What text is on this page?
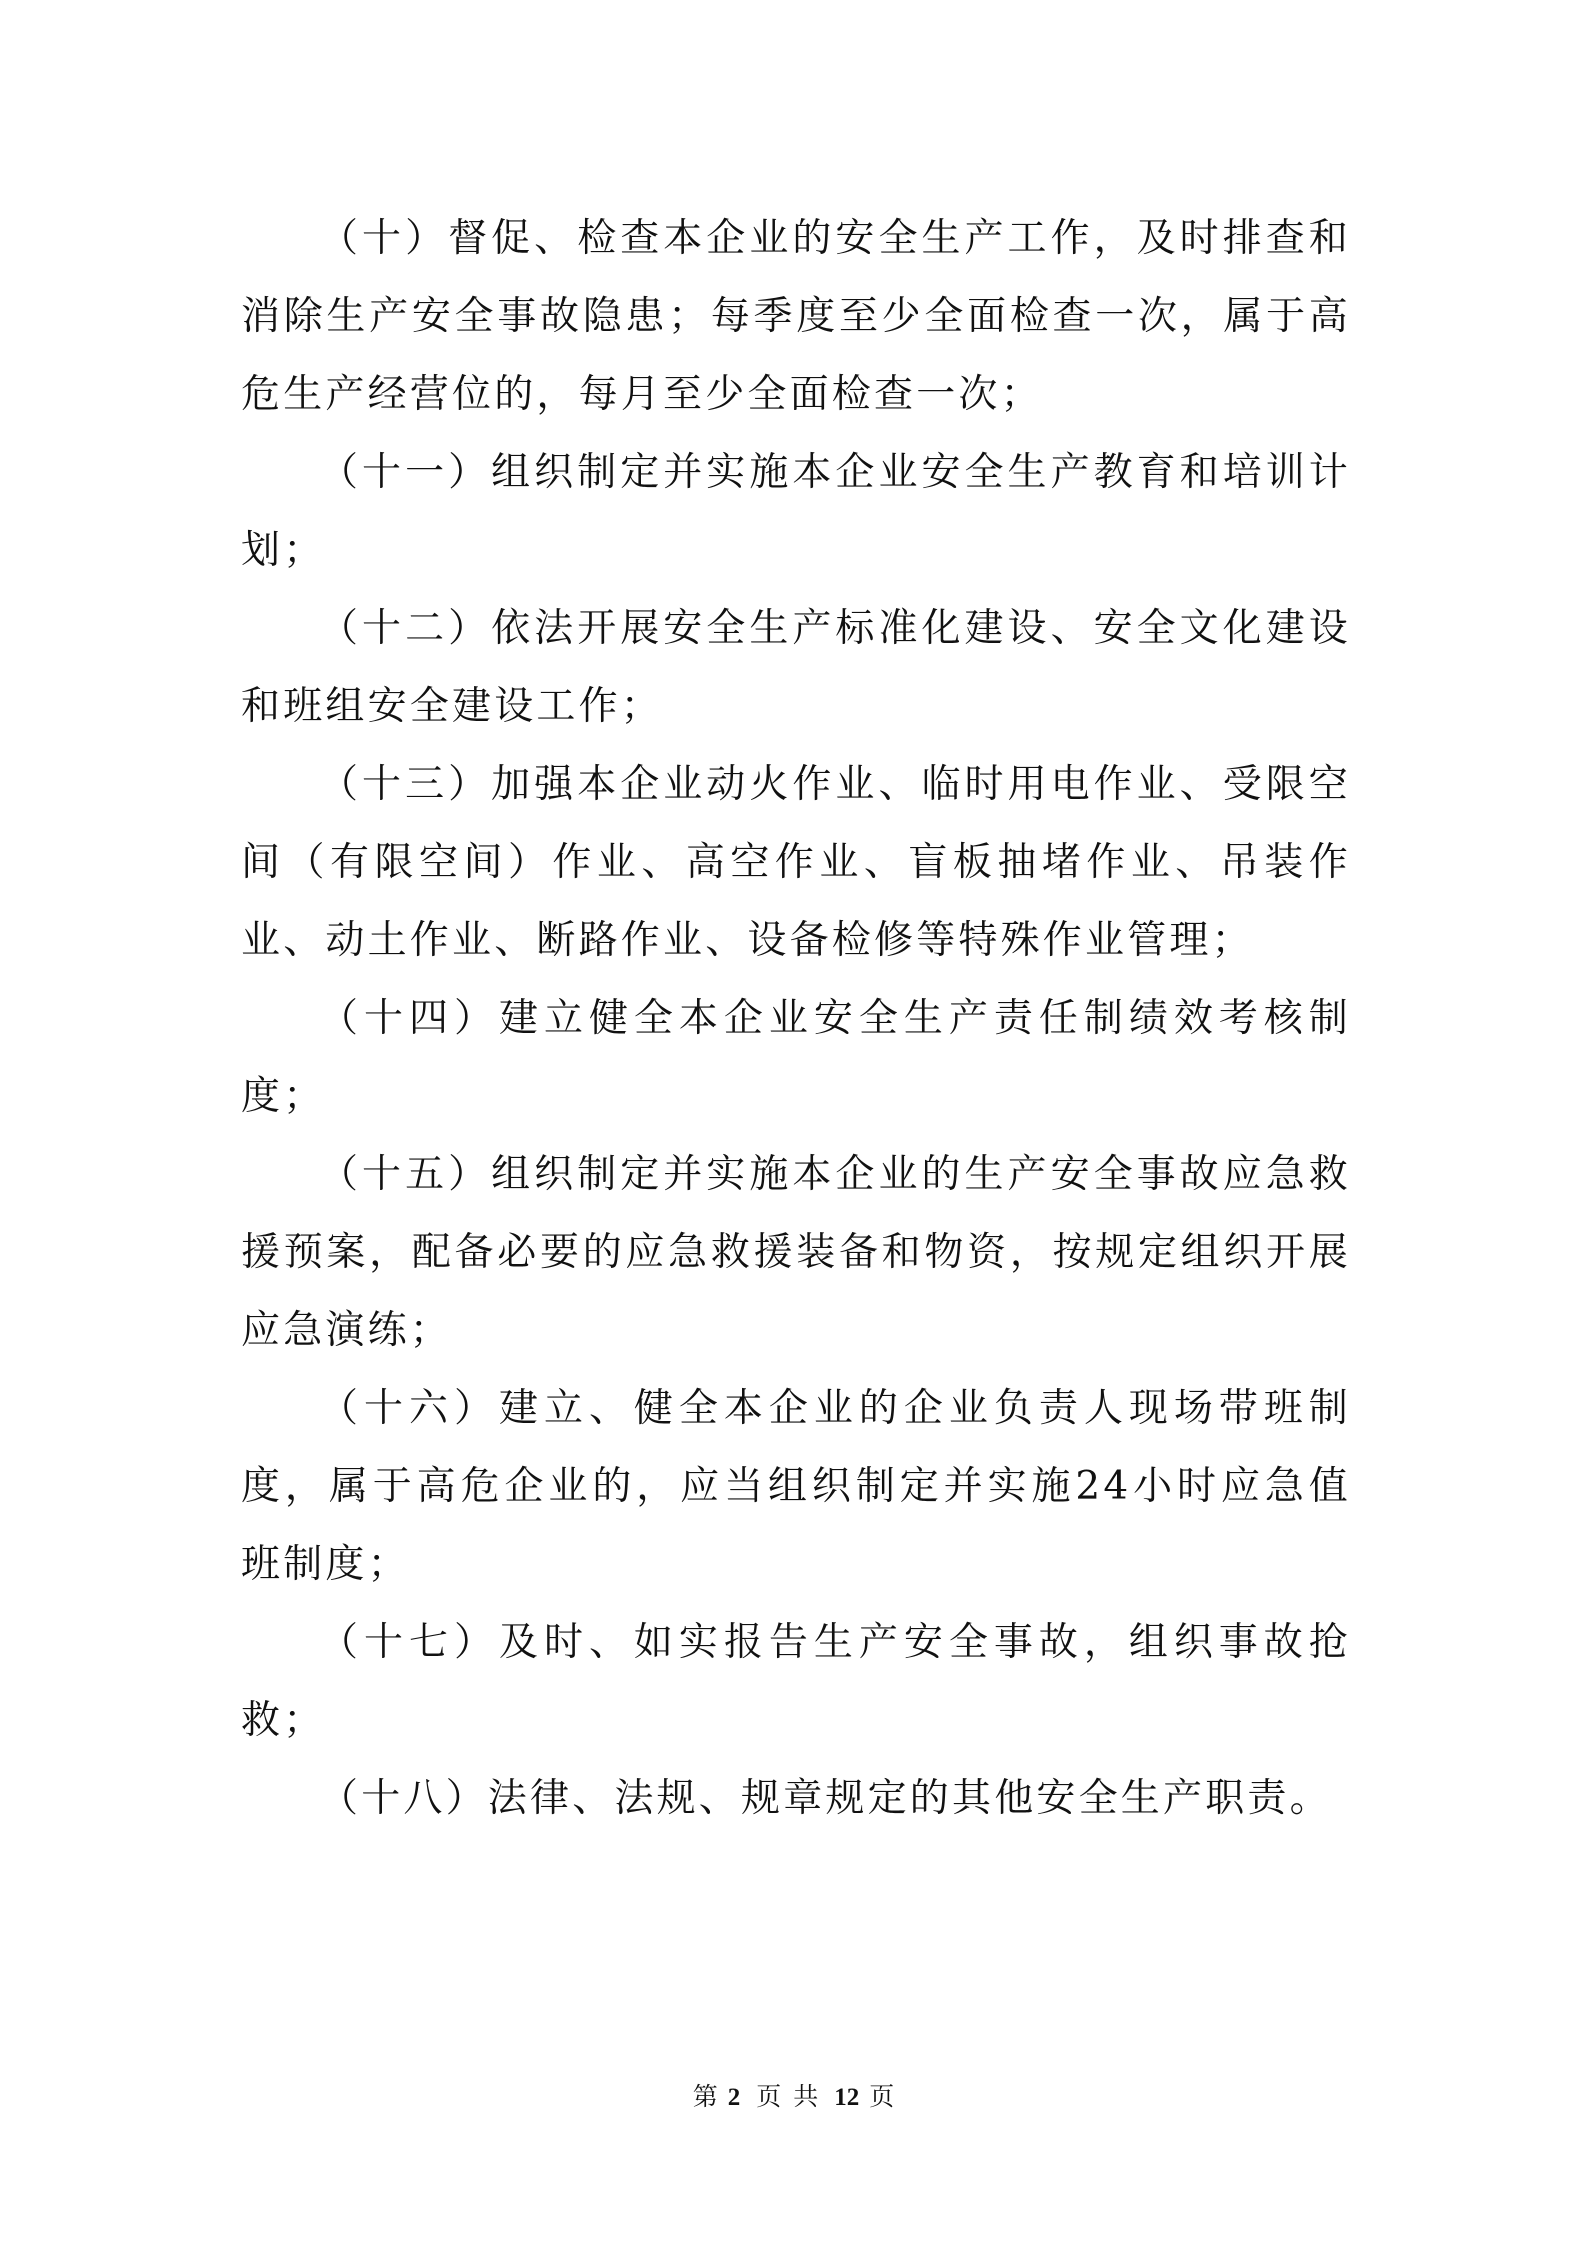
（十）督促、检查本企业的安全生产工作，及时排查和消除生产安全事故隐患；每季度至少全面检查一次，属于高危生产经营位的，每月至少全面检查一次；

（十一）组织制定并实施本企业安全生产教育和培训计划；

（十二）依法开展安全生产标准化建设、安全文化建设和班组安全建设工作；

（十三）加强本企业动火作业、临时用电作业、受限空间（有限空间）作业、高空作业、盲板抽堵作业、吊装作业、动土作业、断路作业、设备检修等特殊作业管理；

（十四）建立健全本企业安全生产责任制绩效考核制度；

（十五）组织制定并实施本企业的生产安全事故应急救援预案，配备必要的应急救援装备和物资，按规定组织开展应急演练；

（十六）建立、健全本企业的企业负责人现场带班制度，属于高危企业的，应当组织制定并实施24小时应急值班制度；

（十七）及时、如实报告生产安全事故，组织事故抢救；

（十八）法律、法规、规章规定的其他安全生产职责。

第 2 页 共 12 页
